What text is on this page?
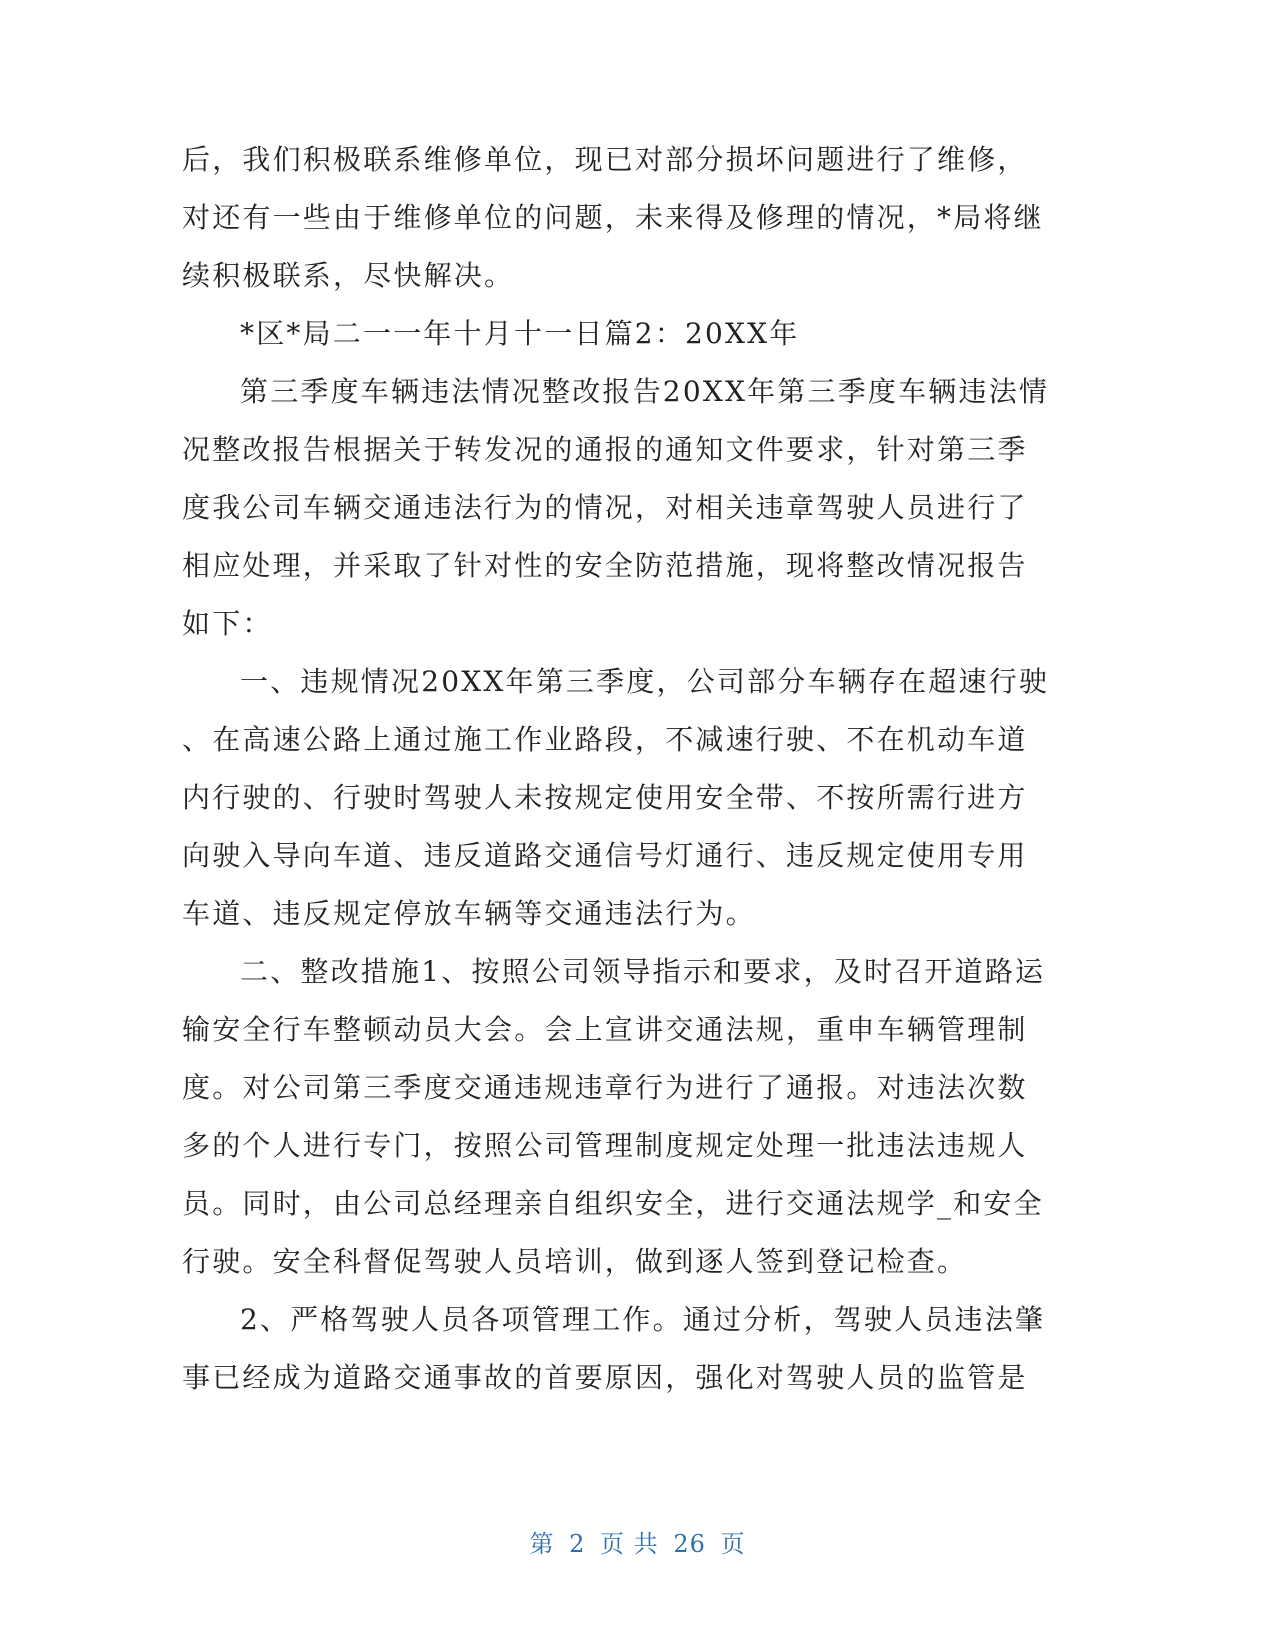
后，我们积极联系维修单位，现已对部分损坏问题进行了维修，
对还有一些由于维修单位的问题，未来得及修理的情况，*局将继
续积极联系，尽快解决。
*区*局二一一年十月十一日篇2：20XX年
第三季度车辆违法情况整改报告20XX年第三季度车辆违法情
况整改报告根据关于转发况的通报的通知文件要求，针对第三季
度我公司车辆交通违法行为的情况，对相关违章驾驶人员进行了
相应处理，并采取了针对性的安全防范措施，现将整改情况报告
如下：
一、违规情况20XX年第三季度，公司部分车辆存在超速行驶
、在高速公路上通过施工作业路段，不减速行驶、不在机动车道
内行驶的、行驶时驾驶人未按规定使用安全带、不按所需行进方
向驶入导向车道、违反道路交通信号灯通行、违反规定使用专用
车道、违反规定停放车辆等交通违法行为。
二、整改措施1、按照公司领导指示和要求，及时召开道路运
输安全行车整顿动员大会。会上宣讲交通法规，重申车辆管理制
度。对公司第三季度交通违规违章行为进行了通报。对违法次数
多的个人进行专门，按照公司管理制度规定处理一批违法违规人
员。同时，由公司总经理亲自组织安全，进行交通法规学_和安全
行驶。安全科督促驾驶人员培训，做到逐人签到登记检查。
2、严格驾驶人员各项管理工作。通过分析，驾驶人员违法肇
事已经成为道路交通事故的首要原因，强化对驾驶人员的监管是
第 2 页 共 26 页
